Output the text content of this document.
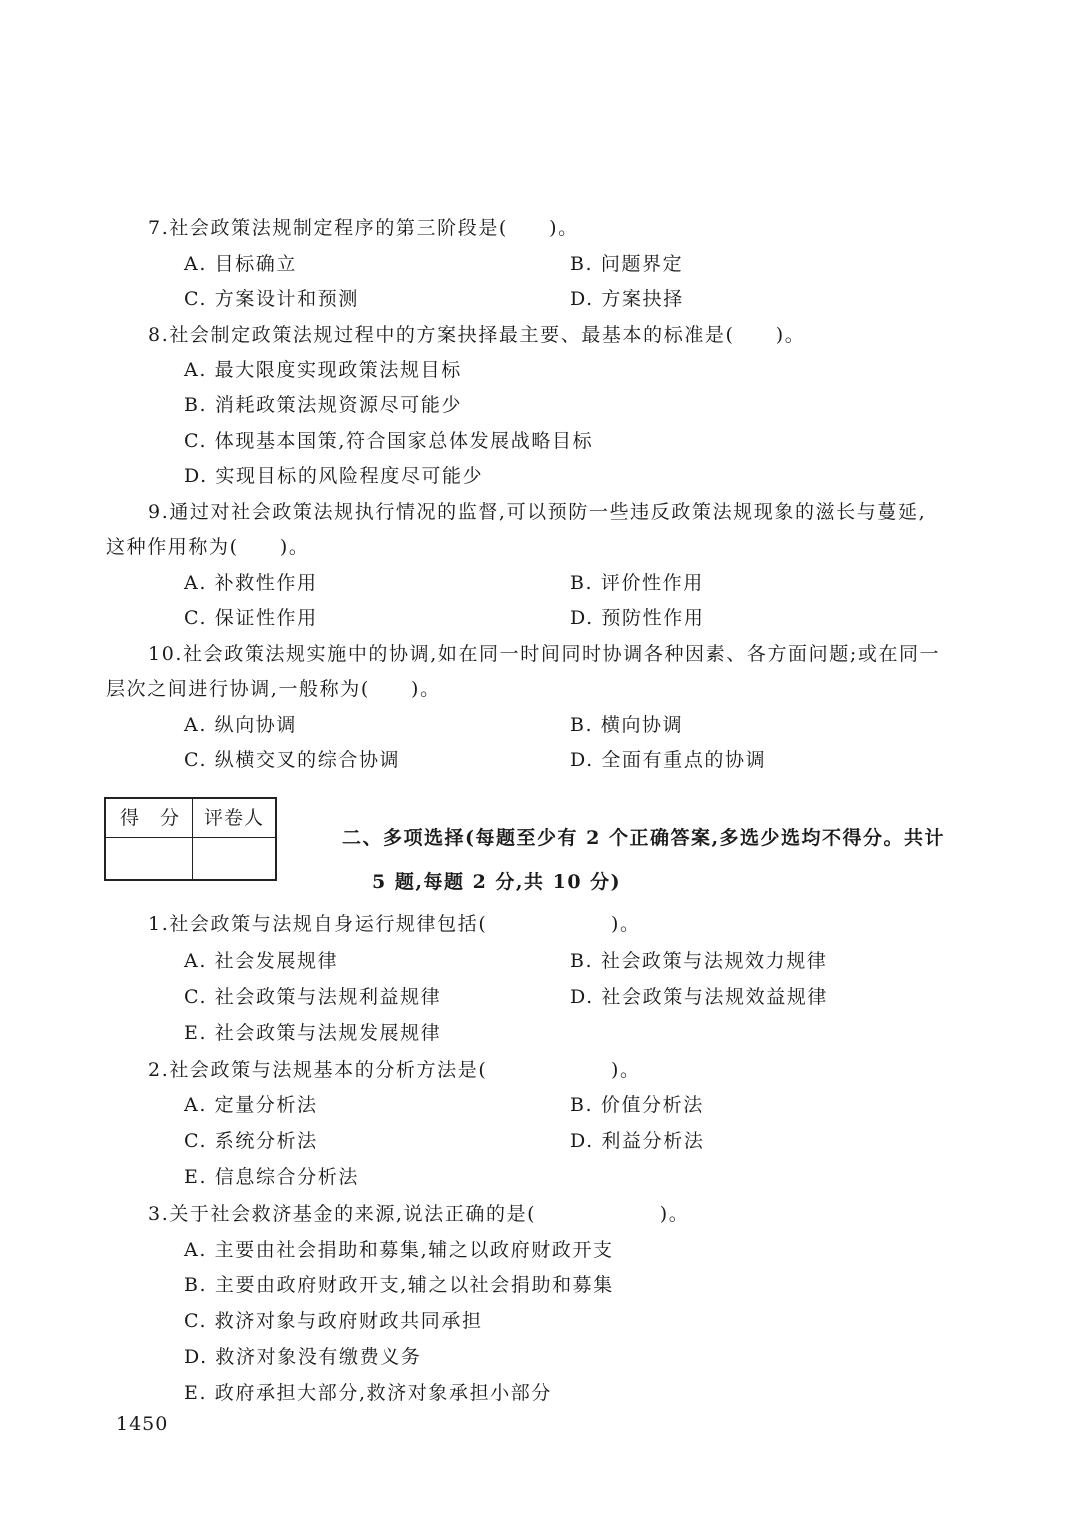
7.社会政策法规制定程序的第三阶段是(　　)。
A. 目标确立	B. 问题界定
C. 方案设计和预测	D. 方案抉择
8.社会制定政策法规过程中的方案抉择最主要、最基本的标准是(　　)。
A. 最大限度实现政策法规目标
B. 消耗政策法规资源尽可能少
C. 体现基本国策,符合国家总体发展战略目标
D. 实现目标的风险程度尽可能少
9.通过对社会政策法规执行情况的监督,可以预防一些违反政策法规现象的滋长与蔓延,
这种作用称为(　　)。
A. 补救性作用	B. 评价性作用
C. 保证性作用	D. 预防性作用
10.社会政策法规实施中的协调,如在同一时间同时协调各种因素、各方面问题;或在同一
层次之间进行协调,一般称为(　　)。
A. 纵向协调	B. 横向协调
C. 纵横交叉的综合协调	D. 全面有重点的协调
得　分 评卷人
二、多项选择(每题至少有 2 个正确答案,多选少选均不得分。共计
5 题,每题 2 分,共 10 分)
1.社会政策与法规自身运行规律包括(　　　　　　)。
A. 社会发展规律	B. 社会政策与法规效力规律
C. 社会政策与法规利益规律	D. 社会政策与法规效益规律
E. 社会政策与法规发展规律
2.社会政策与法规基本的分析方法是(　　　　　　)。
A. 定量分析法	B. 价值分析法
C. 系统分析法	D. 利益分析法
E. 信息综合分析法
3.关于社会救济基金的来源,说法正确的是(　　　　　　)。
A. 主要由社会捐助和募集,辅之以政府财政开支
B. 主要由政府财政开支,辅之以社会捐助和募集
C. 救济对象与政府财政共同承担
D. 救济对象没有缴费义务
E. 政府承担大部分,救济对象承担小部分
1450
